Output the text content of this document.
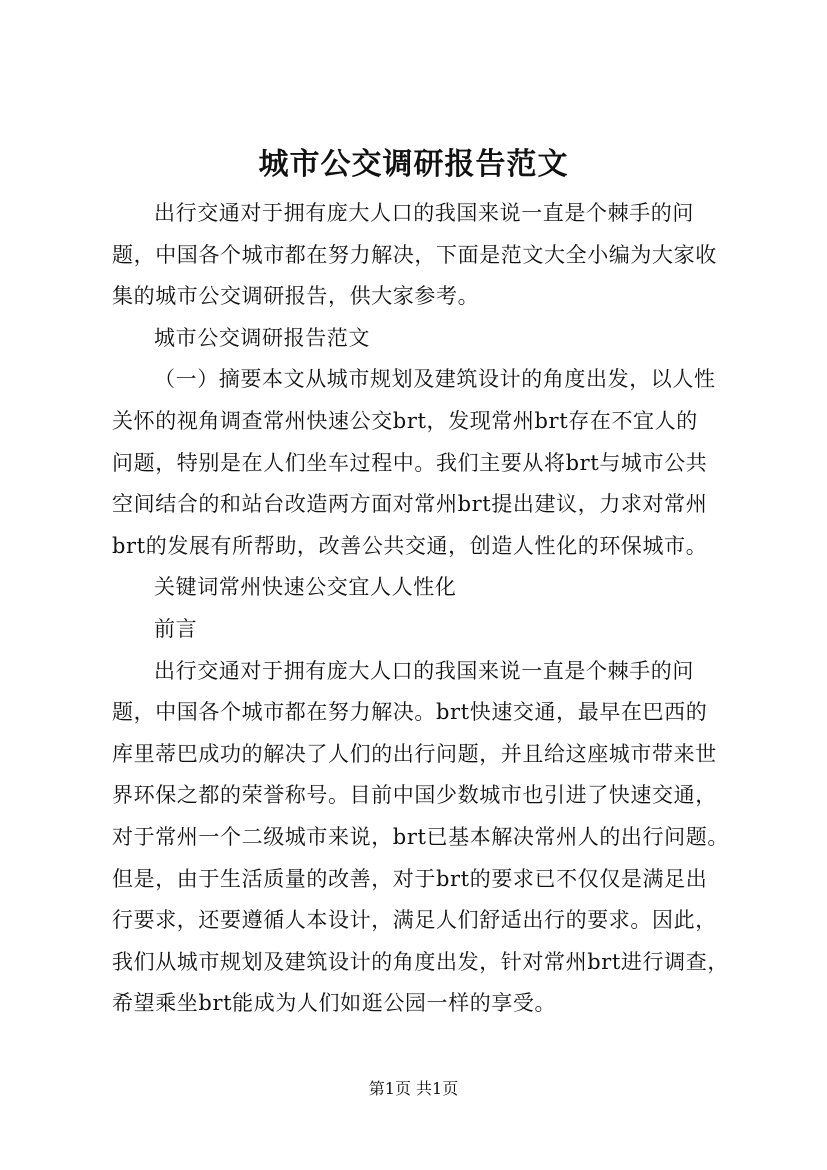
城市公交调研报告范文
出行交通对于拥有庞大人口的我国来说一直是个棘手的问
题，中国各个城市都在努力解决，下面是范文大全小编为大家收
集的城市公交调研报告，供大家参考。
城市公交调研报告范文
（一）摘要本文从城市规划及建筑设计的角度出发，以人性
关怀的视角调查常州快速公交brt，发现常州brt存在不宜人的
问题，特别是在人们坐车过程中。我们主要从将brt与城市公共
空间结合的和站台改造两方面对常州brt提出建议，力求对常州
brt的发展有所帮助，改善公共交通，创造人性化的环保城市。
关键词常州快速公交宜人人性化
前言
出行交通对于拥有庞大人口的我国来说一直是个棘手的问
题，中国各个城市都在努力解决。brt快速交通，最早在巴西的
库里蒂巴成功的解决了人们的出行问题，并且给这座城市带来世
界环保之都的荣誉称号。目前中国少数城市也引进了快速交通，
对于常州一个二级城市来说，brt已基本解决常州人的出行问题。
但是，由于生活质量的改善，对于brt的要求已不仅仅是满足出
行要求，还要遵循人本设计，满足人们舒适出行的要求。因此，
我们从城市规划及建筑设计的角度出发，针对常州brt进行调查，
希望乘坐brt能成为人们如逛公园一样的享受。
第1页 共1页
